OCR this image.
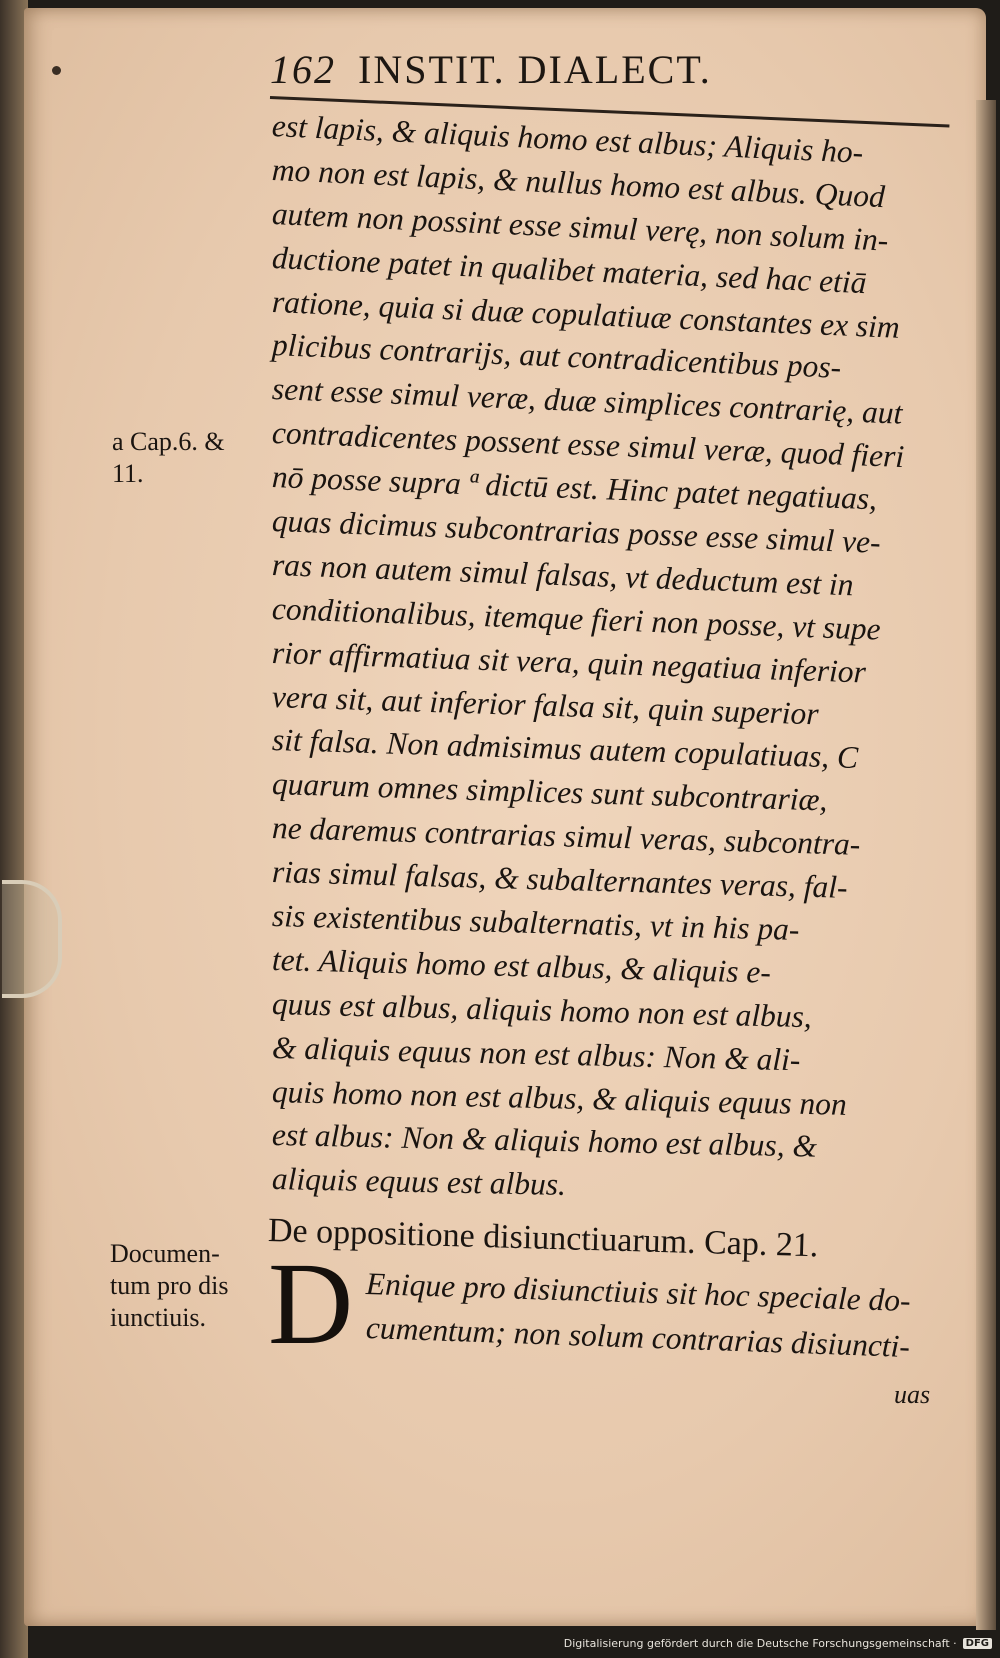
162 INSTIT. DIALECT.
est lapis, & aliquis homo est albus; Aliquis ho-
mo non est lapis, & nullus homo est albus. Quod
autem non possint esse simul verę, non solum in-
ductione patet in qualibet materia, sed hac etiā
ratione, quia si duæ copulatiuæ constantes ex sim
plicibus contrarijs, aut contradicentibus pos-
sent esse simul veræ, duæ simplices contrarię, aut
contradicentes possent esse simul veræ, quod fieri
nō posse supra ª dictū est. Hinc patet negatiuas,
quas dicimus subcontrarias posse esse simul ve-
ras non autem simul falsas, vt deductum est in
conditionalibus, itemque fieri non posse, vt supe
rior affirmatiua sit vera, quin negatiua inferior
vera sit, aut inferior falsa sit, quin superior
sit falsa. Non admisimus autem copulatiuas, C
quarum omnes simplices sunt subcontrariæ,
ne daremus contrarias simul veras, subcontra-
rias simul falsas, & subalternantes veras, fal-
sis existentibus subalternatis, vt in his pa-
tet. Aliquis homo est albus, & aliquis e-
quus est albus, aliquis homo non est albus,
& aliquis equus non est albus: Non & ali-
quis homo non est albus, & aliquis equus non
est albus: Non & aliquis homo est albus, &
aliquis equus est albus.
a Cap.6. &
11.
De oppositione disiunctiuarum. Cap. 21.
D Enique pro disiunctiuis sit hoc speciale do-
cumentum; non solum contrarias disiuncti-
uas
Documen-
tum pro dis
iunctiuis.
Digitalisierung gefördert durch die Deutsche Forschungsgemeinschaft · DFG
